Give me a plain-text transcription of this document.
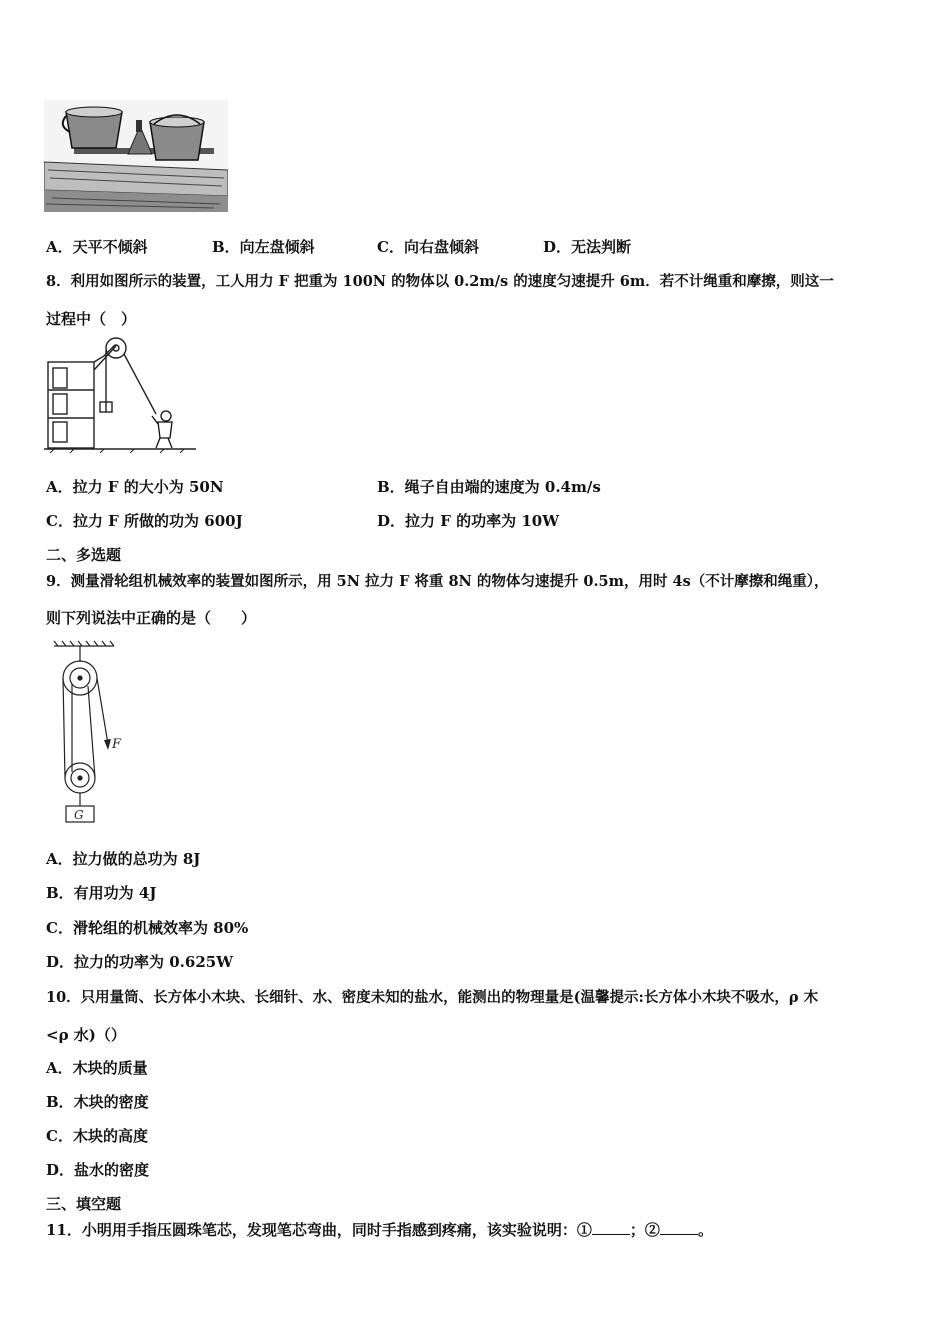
A．天平不倾斜	B．向左盘倾斜	C．向右盘倾斜	D．无法判断
8．利用如图所示的装置，工人用力 F 把重为 100N 的物体以 0.2m/s 的速度匀速提升 6m．若不计绳重和摩擦，则这一
过程中（　）
A．拉力 F 的大小为 50N	B．绳子自由端的速度为 0.4m/s
C．拉力 F 所做的功为 600J	D．拉力 F 的功率为 10W
二、多选题
9．测量滑轮组机械效率的装置如图所示，用 5N 拉力 F 将重 8N 的物体匀速提升 0.5m，用时 4s（不计摩擦和绳重），
则下列说法中正确的是（　　）
F
G
A．拉力做的总功为 8J
B．有用功为 4J
C．滑轮组的机械效率为 80%
D．拉力的功率为 0.625W
10．只用量筒、长方体小木块、长细针、水、密度未知的盐水，能测出的物理量是(温馨提示:长方体小木块不吸水，ρ 木
<ρ 水)（）
A．木块的质量
B．木块的密度
C．木块的高度
D．盐水的密度
三、填空题
11．小明用手指压圆珠笔芯，发现笔芯弯曲，同时手指感到疼痛，该实验说明：①	；②	。
